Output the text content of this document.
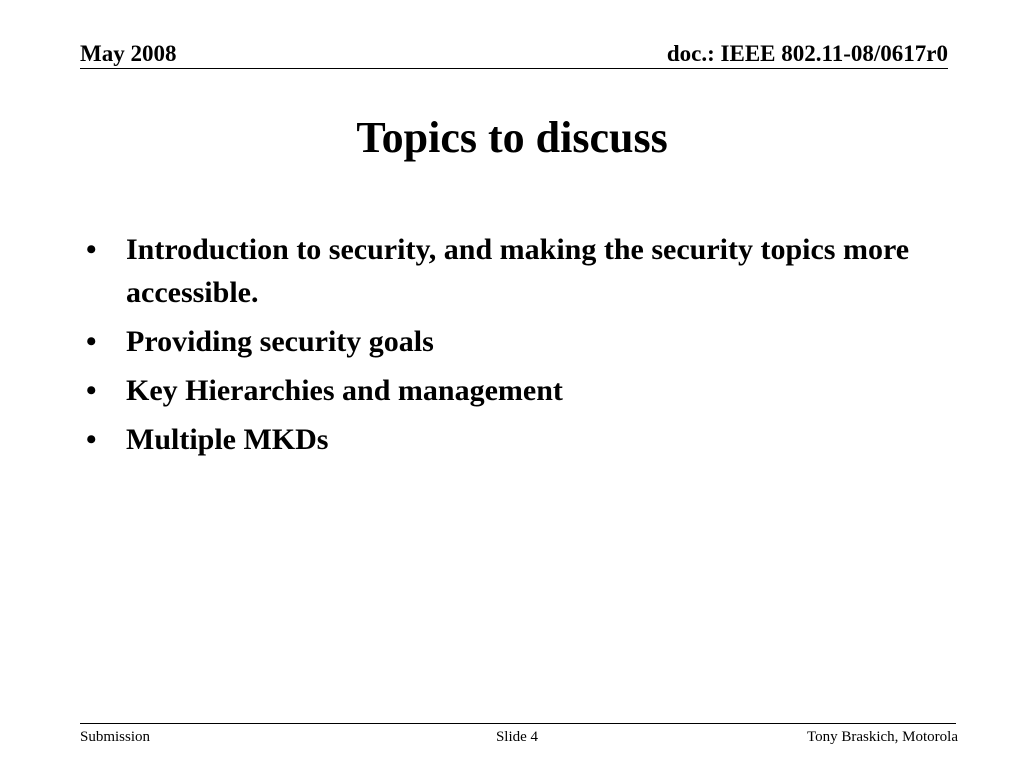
May 2008	doc.: IEEE 802.11-08/0617r0
Topics to discuss
• Introduction to security, and making the security topics more accessible.
• Providing security goals
• Key Hierarchies and management
• Multiple MKDs
Submission	Slide 4	Tony Braskich, Motorola
